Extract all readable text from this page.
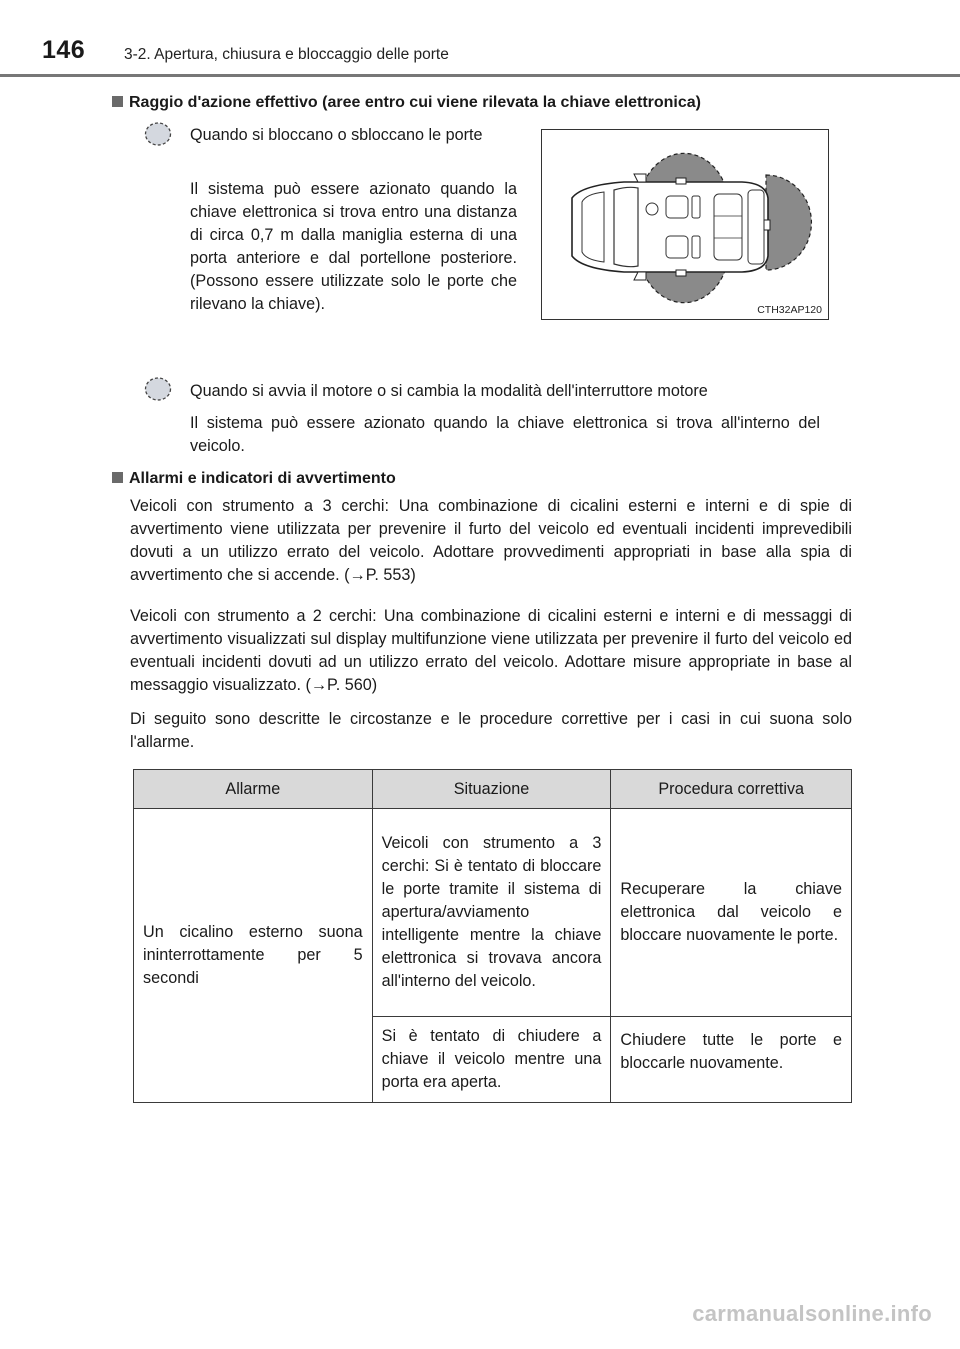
146	3-2. Apertura, chiusura e bloccaggio delle porte
Raggio d'azione effettivo (aree entro cui viene rilevata la chiave elettronica)
Quando si bloccano o sbloccano le porte
Il sistema può essere azionato quando la chiave elettronica si trova entro una distanza di circa 0,7 m dalla maniglia esterna di una porta anteriore e dal portellone posteriore. (Possono essere utilizzate solo le porte che rilevano la chiave).	CTH32AP120
Quando si avvia il motore o si cambia la modalità dell'interruttore motore
Il sistema può essere azionato quando la chiave elettronica si trova all'interno del veicolo.
Allarmi e indicatori di avvertimento
Veicoli con strumento a 3 cerchi: Una combinazione di cicalini esterni e interni e di spie di avvertimento viene utilizzata per prevenire il furto del veicolo ed eventuali incidenti imprevedibili dovuti a un utilizzo errato del veicolo. Adottare provvedimenti appropriati in base alla spia di avvertimento che si accende. (→P. 553)
Veicoli con strumento a 2 cerchi: Una combinazione di cicalini esterni e interni e di messaggi di avvertimento visualizzati sul display multifunzione viene utilizzata per prevenire il furto del veicolo ed eventuali incidenti dovuti ad un utilizzo errato del veicolo. Adottare misure appropriate in base al messaggio visualizzato. (→P. 560)
Di seguito sono descritte le circostanze e le procedure correttive per i casi in cui suona solo l'allarme.
Allarme	Situazione	Procedura correttiva

Un cicalino esterno suona ininterrottamente per 5 secondi	Veicoli con strumento a 3 cerchi: Si è tentato di bloccare le porte tramite il sistema di apertura/avviamento intelligente mentre la chiave elettronica si trovava ancora all'interno del veicolo.	Recuperare la chiave elettronica dal veicolo e bloccare nuovamente le porte.
	Si è tentato di chiudere a chiave il veicolo mentre una porta era aperta.	Chiudere tutte le porte e bloccarle nuovamente.
carmanualsonline.info
